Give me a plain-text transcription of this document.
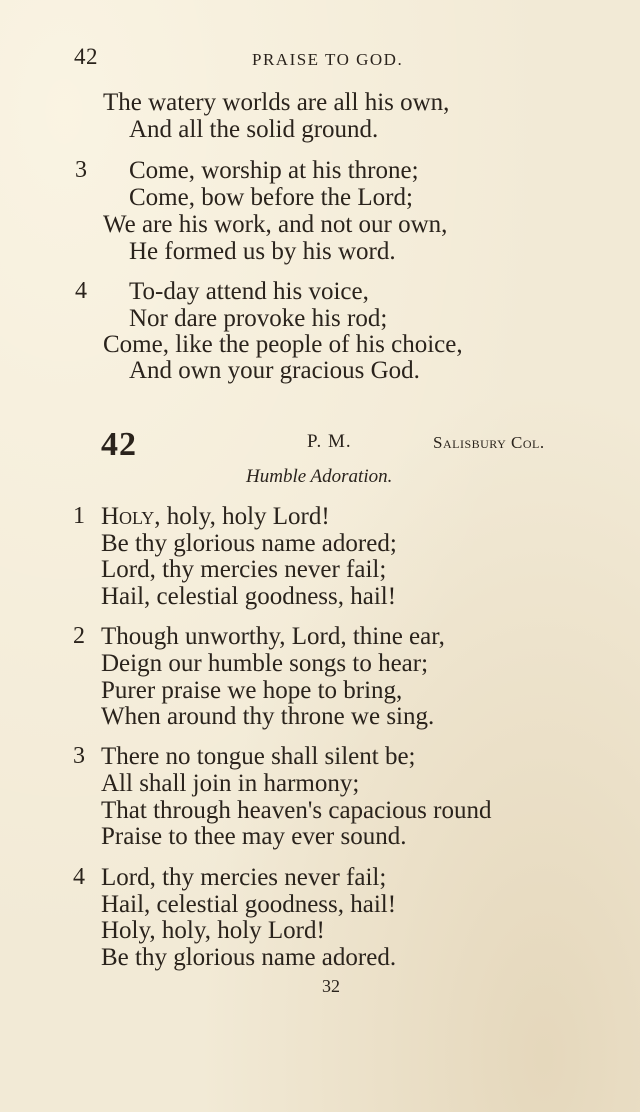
42	PRAISE TO GOD.
The watery worlds are all his own,
And all the solid ground.
3 Come, worship at his throne;
Come, bow before the Lord;
We are his work, and not our own,
He formed us by his word.
4 To-day attend his voice,
Nor dare provoke his rod;
Come, like the people of his choice,
And own your gracious God.
42	P. M.	Salisbury Col.
Humble Adoration.
1 Holy, holy, holy Lord!
Be thy glorious name adored;
Lord, thy mercies never fail;
Hail, celestial goodness, hail!
2 Though unworthy, Lord, thine ear,
Deign our humble songs to hear;
Purer praise we hope to bring,
When around thy throne we sing.
3 There no tongue shall silent be;
All shall join in harmony;
That through heaven's capacious round
Praise to thee may ever sound.
4 Lord, thy mercies never fail;
Hail, celestial goodness, hail!
Holy, holy, holy Lord!
Be thy glorious name adored.
32
